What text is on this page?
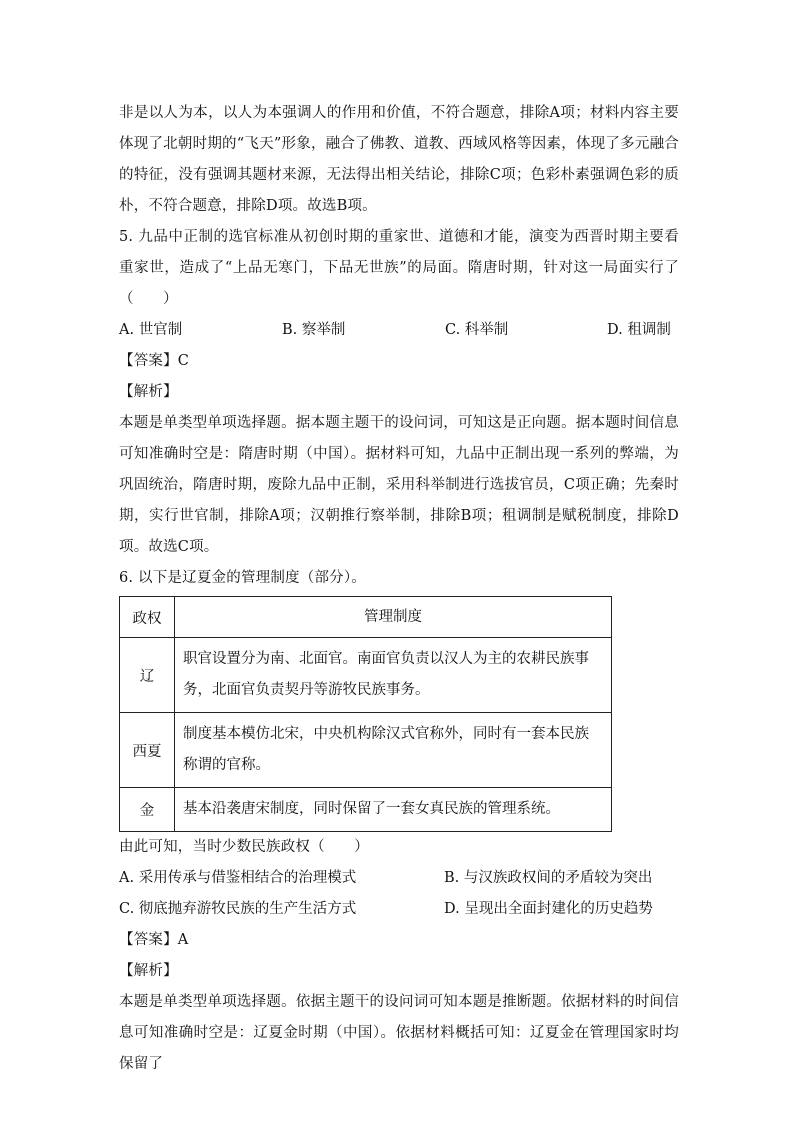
非是以人为本，以人为本强调人的作用和价值，不符合题意，排除A项；材料内容主要体现了北朝时期的“飞天”形象，融合了佛教、道教、西域风格等因素，体现了多元融合的特征，没有强调其题材来源，无法得出相关结论，排除C项；色彩朴素强调色彩的质朴，不符合题意，排除D项。故选B项。

5. 九品中正制的选官标准从初创时期的重家世、道德和才能，演变为西晋时期主要看重家世，造成了“上品无寒门，下品无世族”的局面。隋唐时期，针对这一局面实行了（　　）

A. 世官制	B. 察举制	C. 科举制	D. 租调制

【答案】C

【解析】

本题是单类型单项选择题。据本题主题干的设问词，可知这是正向题。据本题时间信息可知准确时空是：隋唐时期（中国）。据材料可知，九品中正制出现一系列的弊端，为巩固统治，隋唐时期，废除九品中正制，采用科举制进行选拔官员，C项正确；先秦时期，实行世官制，排除A项；汉朝推行察举制，排除B项；租调制是赋税制度，排除D项。故选C项。

6. 以下是辽夏金的管理制度（部分）。

政权	管理制度
辽	职官设置分为南、北面官。南面官负责以汉人为主的农耕民族事务，北面官负责契丹等游牧民族事务。
西夏	制度基本模仿北宋，中央机构除汉式官称外，同时有一套本民族称谓的官称。
金	基本沿袭唐宋制度，同时保留了一套女真民族的管理系统。

由此可知，当时少数民族政权（　　）

A. 采用传承与借鉴相结合的治理模式	B. 与汉族政权间的矛盾较为突出
C. 彻底抛弃游牧民族的生产生活方式	D. 呈现出全面封建化的历史趋势

【答案】A

【解析】

本题是单类型单项选择题。依据主题干的设问词可知本题是推断题。依据材料的时间信息可知准确时空是：辽夏金时期（中国）。依据材料概括可知：辽夏金在管理国家时均保留了
